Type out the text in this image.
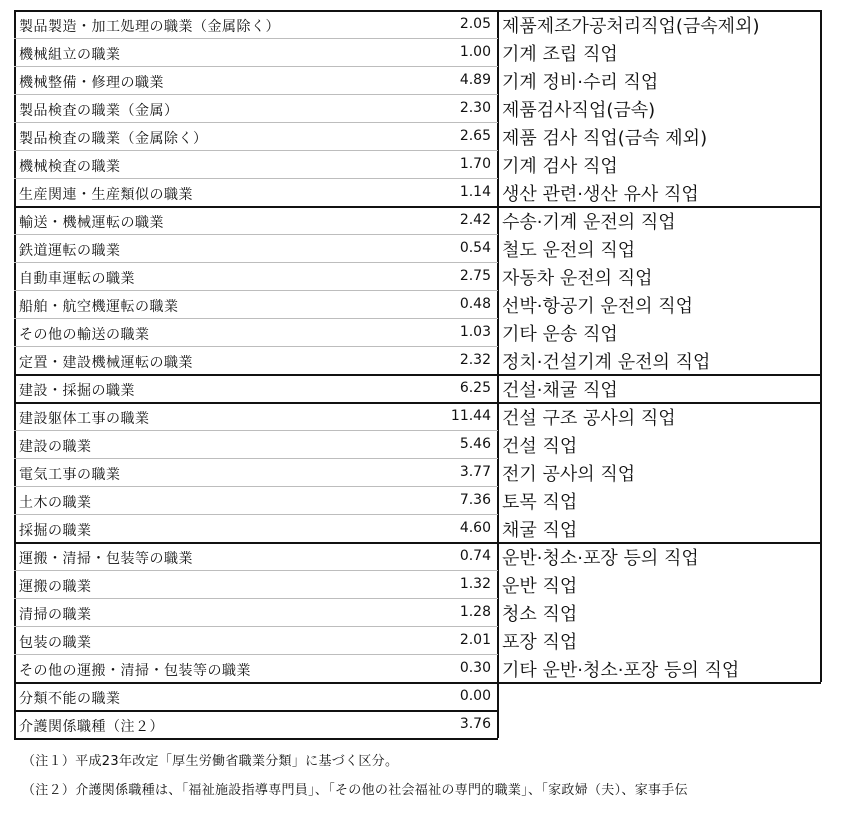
製品製造・加工処理の職業（金属除く）	2.05 제품제조가공처리직업(금속제외)
機械組立の職業	1.00 기계 조립 직업
機械整備・修理の職業	4.89 기계 정비·수리 직업
製品検査の職業（金属）	2.30 제품검사직업(금속)
製品検査の職業（金属除く）	2.65 제품 검사 직업(금속 제외)
機械検査の職業	1.70 기계 검사 직업
生産関連・生産類似の職業	1.14 생산 관련·생산 유사 직업
輸送・機械運転の職業	2.42 수송·기계 운전의 직업
鉄道運転の職業	0.54 철도 운전의 직업
自動車運転の職業	2.75 자동차 운전의 직업
船舶・航空機運転の職業	0.48 선박·항공기 운전의 직업
その他の輸送の職業	1.03 기타 운송 직업
定置・建設機械運転の職業	2.32 정치·건설기계 운전의 직업
建設・採掘の職業	6.25 건설·채굴 직업
建設躯体工事の職業	11.44 건설 구조 공사의 직업
建設の職業	5.46 건설 직업
電気工事の職業	3.77 전기 공사의 직업
土木の職業	7.36 토목 직업
採掘の職業	4.60 채굴 직업
運搬・清掃・包装等の職業	0.74 운반·청소·포장 등의 직업
運搬の職業	1.32 운반 직업
清掃の職業	1.28 청소 직업
包装の職業	2.01 포장 직업
その他の運搬・清掃・包装等の職業	0.30 기타 운반·청소·포장 등의 직업
分類不能の職業	0.00
介護関係職種（注２）	3.76
（注１）平成23年改定「厚生労働省職業分類」に基づく区分。
（注２）介護関係職種は、「福祉施設指導専門員」、「その他の社会福祉の専門的職業」、「家政婦（夫）、家事手伝
